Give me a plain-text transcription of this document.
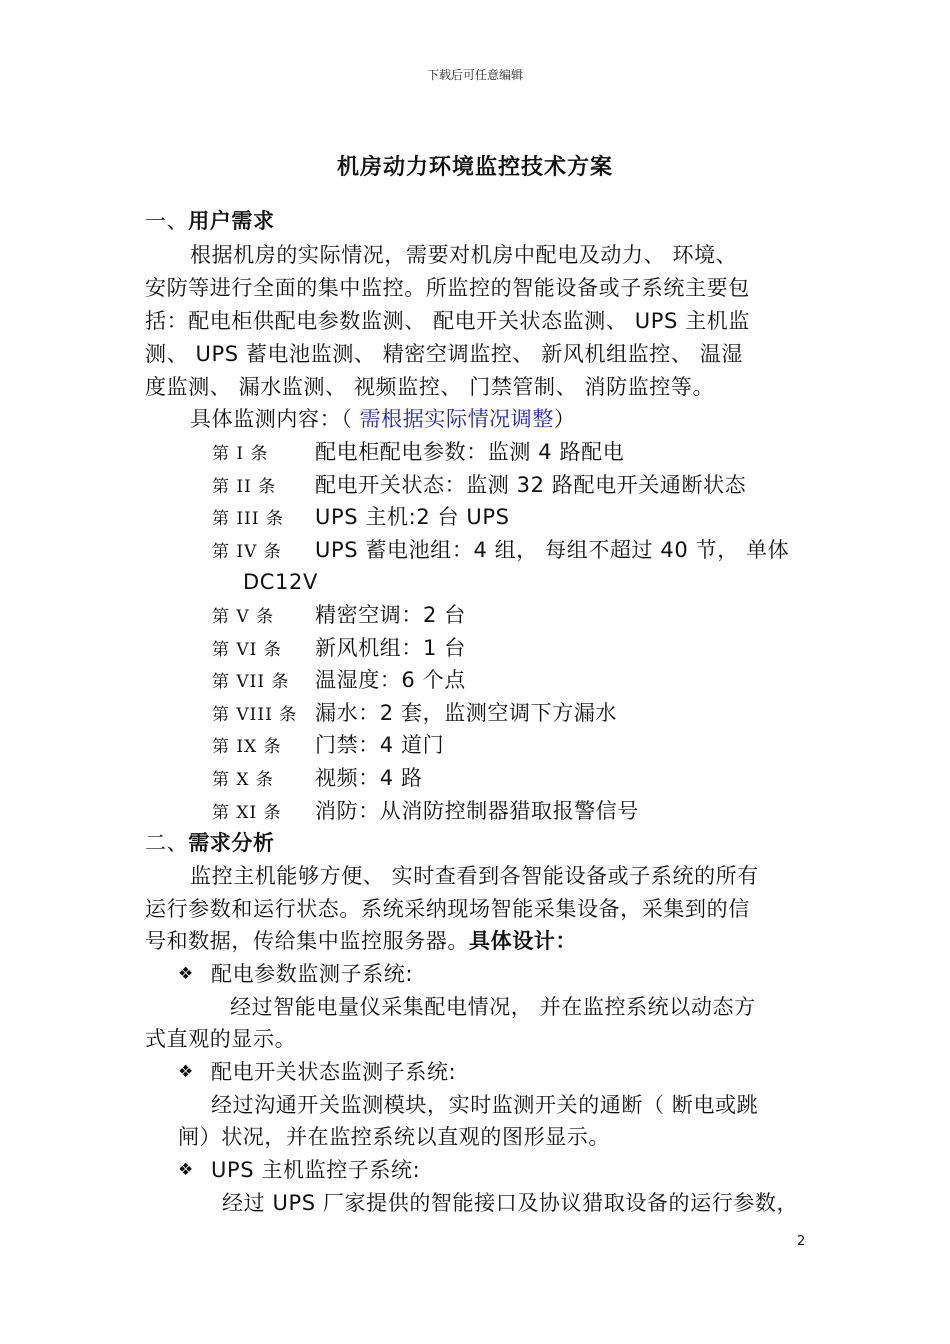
下载后可任意编辑
机房动力环境监控技术方案
一、用户需求
根据机房的实际情况，需要对机房中配电及动力、 环境、
安防等进行全面的集中监控。所监控的智能设备或子系统主要包
括：配电柜供配电参数监测、 配电开关状态监测、 UPS 主机监
测、 UPS 蓄电池监测、 精密空调监控、 新风机组监控、 温湿
度监测、 漏水监测、 视频监控、 门禁管制、 消防监控等。
具体监测内容：（ 需根据实际情况调整）
第 I 条 配电柜配电参数：监测 4 路配电
第 II 条 配电开关状态：监测 32 路配电开关通断状态
第 III 条 UPS 主机:2 台 UPS
第 IV 条 UPS 蓄电池组：4 组， 每组不超过 40 节， 单体
DC12V
第 V 条 精密空调：2 台
第 VI 条 新风机组：1 台
第 VII 条 温湿度：6 个点
第 VIII 条 漏水：2 套，监测空调下方漏水
第 IX 条 门禁：4 道门
第 X 条 视频：4 路
第 XI 条 消防：从消防控制器猎取报警信号
二、需求分析
监控主机能够方便、 实时查看到各智能设备或子系统的所有
运行参数和运行状态。系统采纳现场智能采集设备，采集到的信
号和数据，传给集中监控服务器。具体设计：
❖ 配电参数监测子系统:
经过智能电量仪采集配电情况， 并在监控系统以动态方
式直观的显示。
❖ 配电开关状态监测子系统:
经过沟通开关监测模块，实时监测开关的通断（ 断电或跳
闸）状况，并在监控系统以直观的图形显示。
❖ UPS 主机监控子系统:
经过 UPS 厂家提供的智能接口及协议猎取设备的运行参数，
2
